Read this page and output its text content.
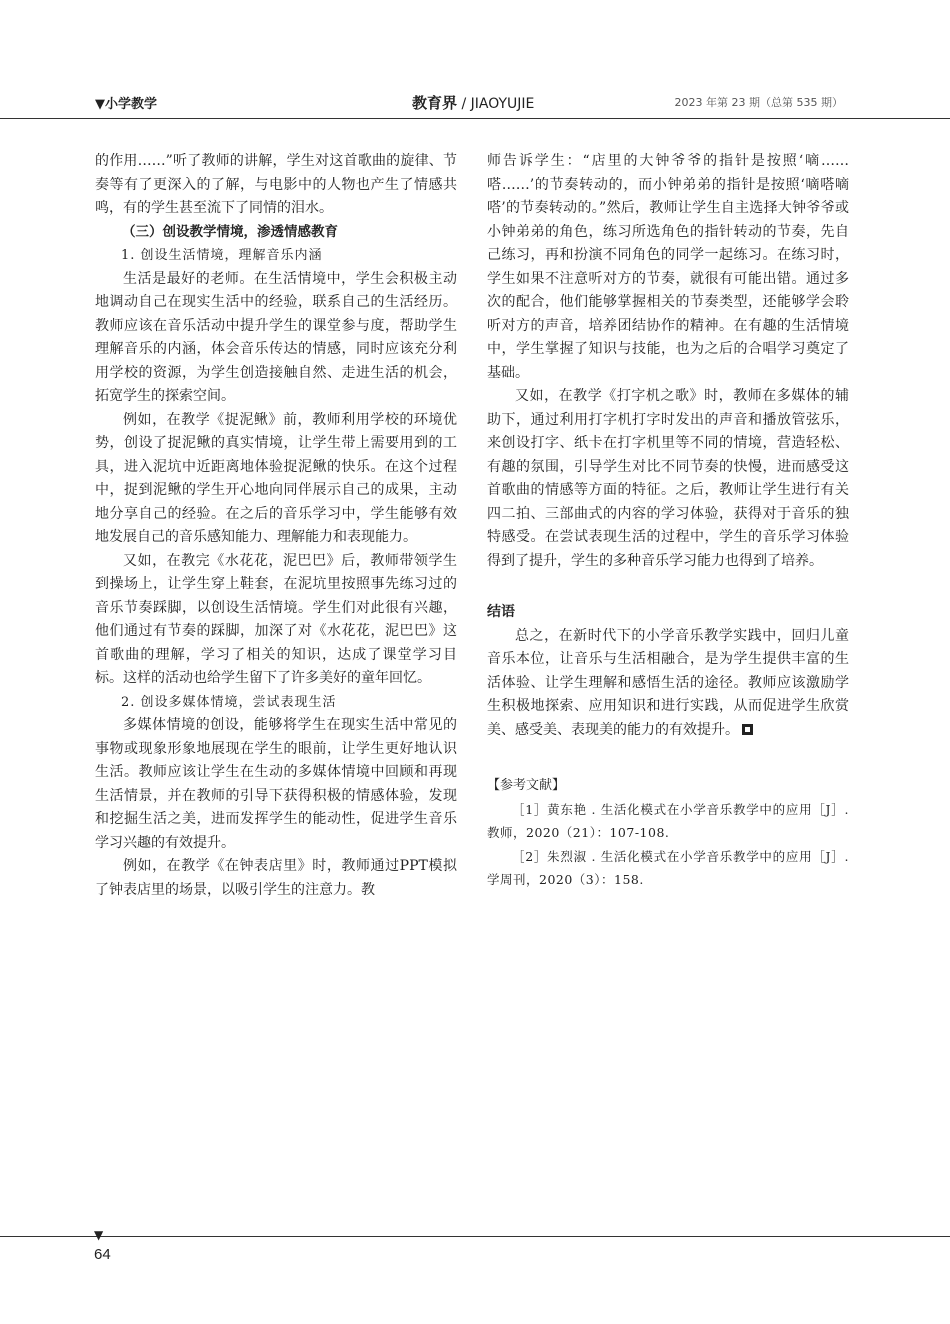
▼小学教学	教育界 / JIAOYUJIE	2023 年第 23 期（总第 535 期）

的作用……”听了教师的讲解，学生对这首歌曲的旋律、节奏等有了更深入的了解，与电影中的人物也产生了情感共鸣，有的学生甚至流下了同情的泪水。

（三）创设教学情境，渗透情感教育

1. 创设生活情境，理解音乐内涵

生活是最好的老师。在生活情境中，学生会积极主动地调动自己在现实生活中的经验，联系自己的生活经历。教师应该在音乐活动中提升学生的课堂参与度，帮助学生理解音乐的内涵，体会音乐传达的情感，同时应该充分利用学校的资源，为学生创造接触自然、走进生活的机会，拓宽学生的探索空间。

例如，在教学《捉泥鳅》前，教师利用学校的环境优势，创设了捉泥鳅的真实情境，让学生带上需要用到的工具，进入泥坑中近距离地体验捉泥鳅的快乐。在这个过程中，捉到泥鳅的学生开心地向同伴展示自己的成果，主动地分享自己的经验。在之后的音乐学习中，学生能够有效地发展自己的音乐感知能力、理解能力和表现能力。

又如，在教完《水花花，泥巴巴》后，教师带领学生到操场上，让学生穿上鞋套，在泥坑里按照事先练习过的音乐节奏踩脚，以创设生活情境。学生们对此很有兴趣，他们通过有节奏的踩脚，加深了对《水花花，泥巴巴》这首歌曲的理解，学习了相关的知识，达成了课堂学习目标。这样的活动也给学生留下了许多美好的童年回忆。

2. 创设多媒体情境，尝试表现生活

多媒体情境的创设，能够将学生在现实生活中常见的事物或现象形象地展现在学生的眼前，让学生更好地认识生活。教师应该让学生在生动的多媒体情境中回顾和再现生活情景，并在教师的引导下获得积极的情感体验，发现和挖掘生活之美，进而发挥学生的能动性，促进学生音乐学习兴趣的有效提升。

例如，在教学《在钟表店里》时，教师通过PPT模拟了钟表店里的场景，以吸引学生的注意力。教

师告诉学生：“店里的大钟爷爷的指针是按照‘嘀……嗒……’的节奏转动的，而小钟弟弟的指针是按照‘嘀嗒嘀嗒’的节奏转动的。”然后，教师让学生自主选择大钟爷爷或小钟弟弟的角色，练习所选角色的指针转动的节奏，先自己练习，再和扮演不同角色的同学一起练习。在练习时，学生如果不注意听对方的节奏，就很有可能出错。通过多次的配合，他们能够掌握相关的节奏类型，还能够学会聆听对方的声音，培养团结协作的精神。在有趣的生活情境中，学生掌握了知识与技能，也为之后的合唱学习奠定了基础。

又如，在教学《打字机之歌》时，教师在多媒体的辅助下，通过利用打字机打字时发出的声音和播放管弦乐，来创设打字、纸卡在打字机里等不同的情境，营造轻松、有趣的氛围，引导学生对比不同节奏的快慢，进而感受这首歌曲的情感等方面的特征。之后，教师让学生进行有关四二拍、三部曲式的内容的学习体验，获得对于音乐的独特感受。在尝试表现生活的过程中，学生的音乐学习体验得到了提升，学生的多种音乐学习能力也得到了培养。

结语

总之，在新时代下的小学音乐教学实践中，回归儿童音乐本位，让音乐与生活相融合，是为学生提供丰富的生活体验、让学生理解和感悟生活的途径。教师应该激励学生积极地探索、应用知识和进行实践，从而促进学生欣赏美、感受美、表现美的能力的有效提升。

【参考文献】

［1］黄东艳 . 生活化模式在小学音乐教学中的应用［J］. 教师，2020（21）：107-108.

［2］朱烈淑 . 生活化模式在小学音乐教学中的应用［J］. 学周刊，2020（3）：158.

▼
64
